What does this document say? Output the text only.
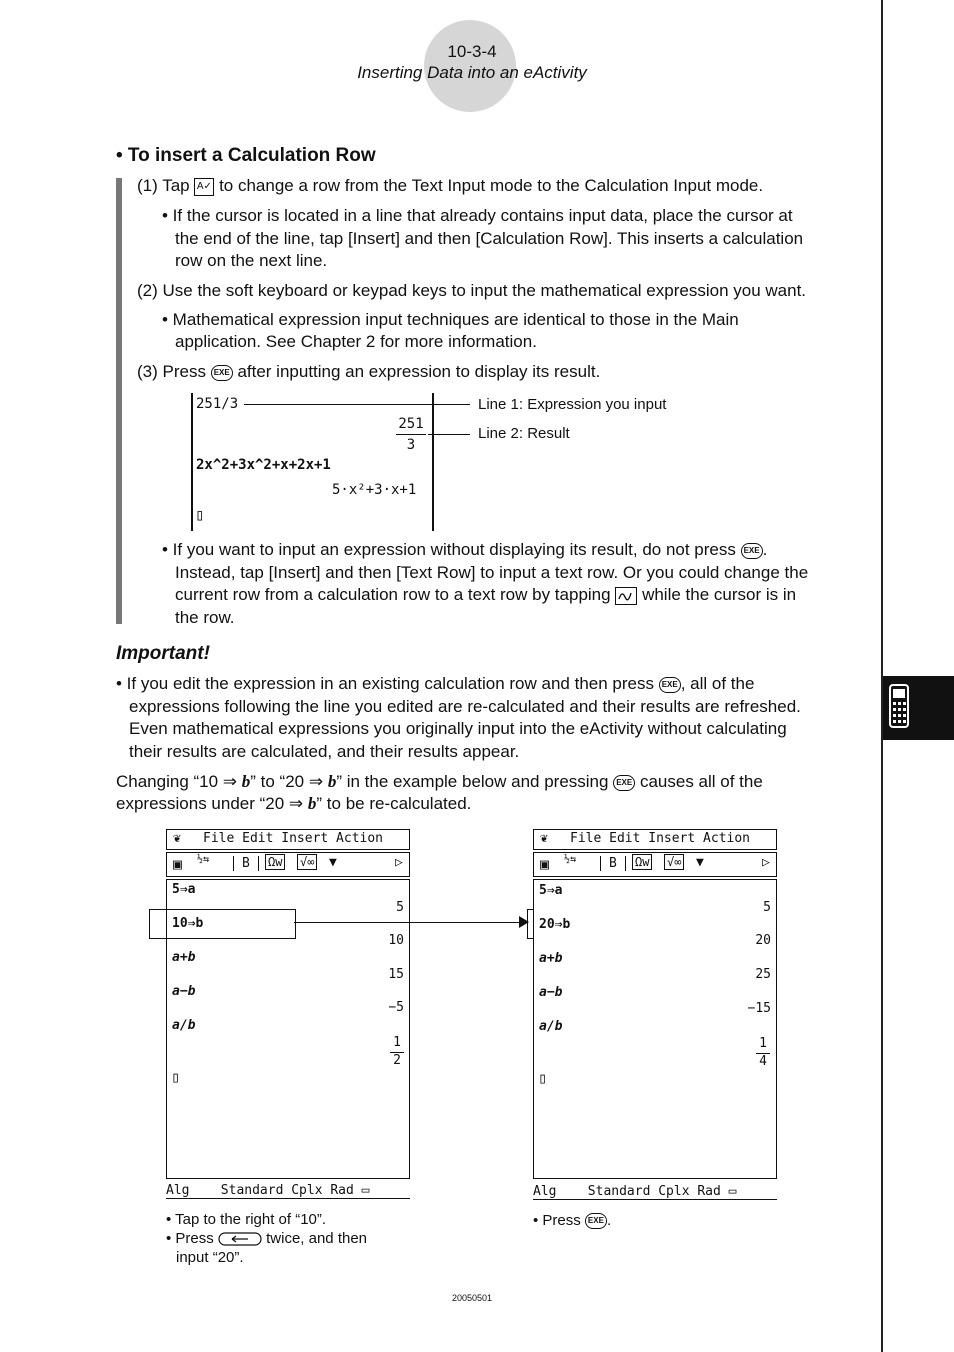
10-3-4
Inserting Data into an eActivity
• To insert a Calculation Row
(1) Tap A✓ to change a row from the Text Input mode to the Calculation Input mode.
• If the cursor is located in a line that already contains input data, place the cursor at
the end of the line, tap [Insert] and then [Calculation Row]. This inserts a calculation
row on the next line.
(2) Use the soft keyboard or keypad keys to input the mathematical expression you want.
• Mathematical expression input techniques are identical to those in the Main
application. See Chapter 2 for more information.
(3) Press EXE after inputting an expression to display its result.
251/3
251
3
2x^2+3x^2+x+2x+1
5·x²+3·x+1
▯
Line 1: Expression you input
Line 2: Result
• If you want to input an expression without displaying its result, do not press EXE .
Instead, tap [Insert] and then [Text Row] to input a text row. Or you could change the
current row from a calculation row to a text row by tapping while the cursor is in
the row.
Important!
• If you edit the expression in an existing calculation row and then press EXE , all of the
expressions following the line you edited are re-calculated and their results are refreshed.
Even mathematical expressions you originally input into the eActivity without calculating
their results are calculated, and their results appear.
Changing “10 ⇒ b” to “20 ⇒ b” in the example below and pressing EXE causes all of the
expressions under “20 ⇒ b” to be re-calculated.
❦ File Edit Insert Action
▣ ½⇆	B	Ωw √∞ ▼	▷
5⇒a
5
10⇒b
10
a+b
15
a−b
−5
a/b
1
2
▯
Alg    Standard Cplx Rad ▭
❦ File Edit Insert Action
▣ ½⇆	B	Ωw √∞ ▼	▷
5⇒a
5
20⇒b
20
a+b
25
a−b
−15
a/b
1
4
▯
Alg    Standard Cplx Rad ▭
• Tap to the right of “10”.
• Press	twice, and then
input “20”.
• Press EXE .
20050501
